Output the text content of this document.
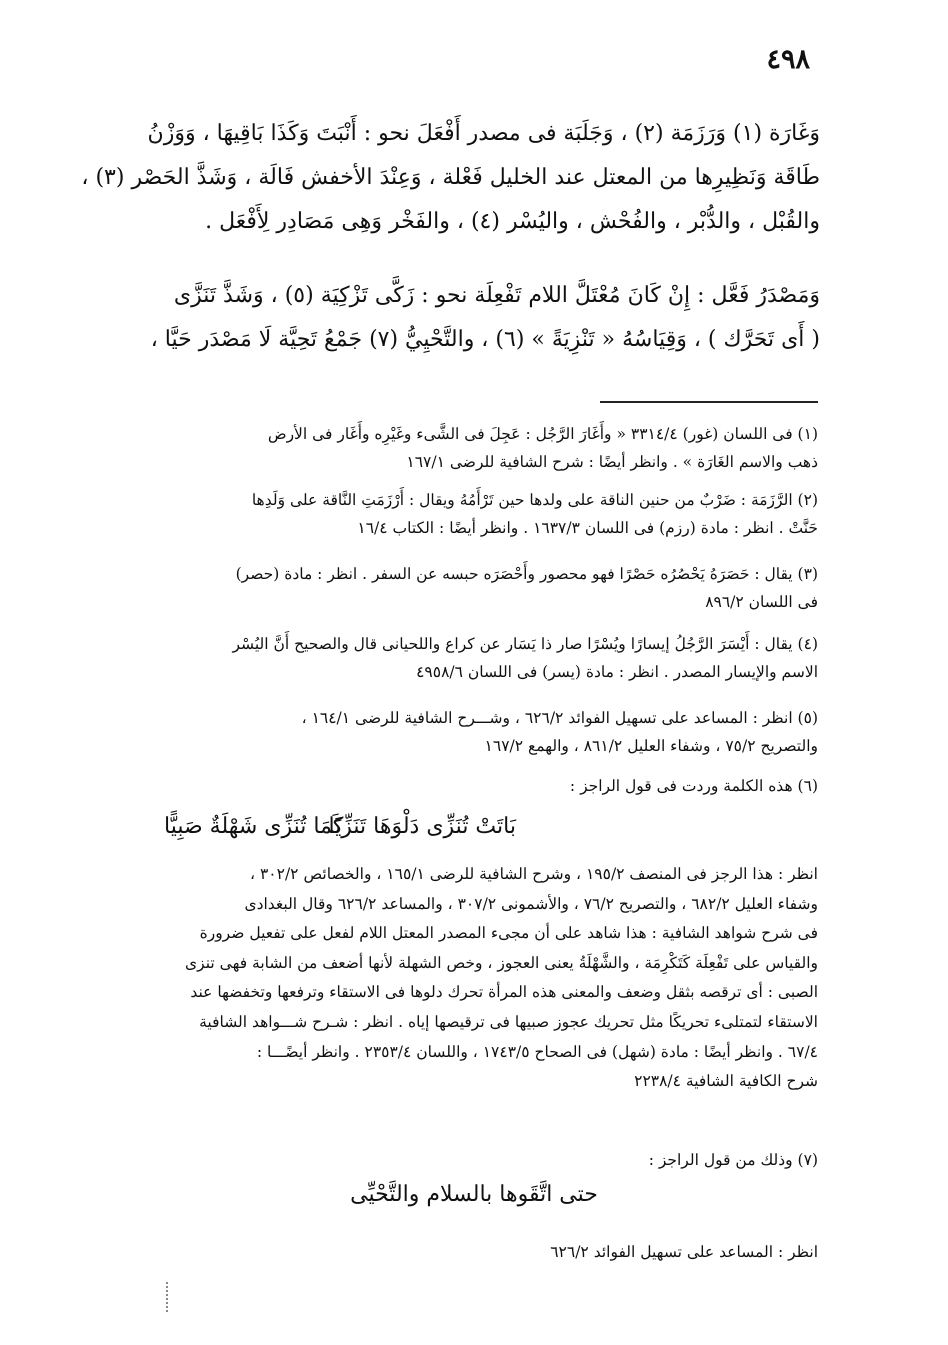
٤٩٨
وَغَارَة (١) وَرَزَمَة (٢) ، وَجَلَبَة فى مصدر أَفْعَلَ نحو : أَنْبَتَ وَكَذَا بَاقِيهَا ، وَوَزْنُ
طَاقَة وَنَظِيرِها من المعتل عند الخليل فَعْلة ، وَعِنْدَ الأخفش فَالَة ، وَشَذَّ الحَصْر (٣) ،
والقُبْل ، والدُّبْر ، والفُحْش ، واليُسْر (٤) ، والفَخْر وَهِى مَصَادِر لِأَفْعَل .
وَمَصْدَرُ فَعَّل : إِنْ كَانَ مُعْتَلَّ اللام تَفْعِلَة نحو : زَكَّى تَزْكِيَة (٥) ، وَشَذَّ تَنَزَّى
( أَى تَحَرَّك ) ، وَقِيَاسُهُ « تَنْزِيَةً » (٦) ، والتَّحْيِيُّ (٧) جَمْعُ تَحِيَّة لَا مَصْدَر حَيَّا ،
(١) فى اللسان (غور) ٣٣١٤/٤ « وأَغَارَ الرَّجُل : عَجِلَ فى الشَّىء وغَيْرِه وأَغَار فى الأرض
ذهب والاسم الغَارَة » . وانظر أيضًا : شرح الشافية للرضى ١٦٧/١
(٢) الرَّزَمَة : ضَرْبٌ من حنين الناقة على ولدها حين تَرْأَمُهُ ويقال : أَرْزَمَتِ النَّاقة على وَلَدِها
حَنَّتْ . انظر : مادة (رزم) فى اللسان ١٦٣٧/٣ . وانظر أيضًا : الكتاب ١٦/٤
(٣) يقال : حَصَرَهُ يَحْصُرُه حَصْرًا فهو محصور وأَحْصَرَه حبسه عن السفر . انظر : مادة (حصر)
فى اللسان ٨٩٦/٢
(٤) يقال : أَيْسَرَ الرَّجُلُ إيسارًا ويُسْرًا صار ذا يَسَار عن كراع واللحيانى قال والصحيح أَنَّ اليُسْر
الاسم والإيسار المصدر . انظر : مادة (يسر) فى اللسان ٤٩٥٨/٦
(٥) انظر : المساعد على تسهيل الفوائد ٦٢٦/٢ ، وشـــرح الشافية للرضى ١٦٤/١ ،
والتصريح ٧٥/٢ ، وشفاء العليل ٨٦١/٢ ، والهمع ١٦٧/٢
(٦) هذه الكلمة وردت فى قول الراجز :
بَاتَتْ تُنَزِّى دَلْوَهَا تَنَزِّيًا
كَمَا تُنَزِّى شَهْلَةٌ صَبِيًّا
انظر : هذا الرجز فى المنصف ١٩٥/٢ ، وشرح الشافية للرضى ١٦٥/١ ، والخصائص ٣٠٢/٢ ،
وشفاء العليل ٦٨٢/٢ ، والتصريح ٧٦/٢ ، والأشمونى ٣٠٧/٢ ، والمساعد ٦٢٦/٢ وقال البغدادى
فى شرح شواهد الشافية : هذا شاهد على أن مجىء المصدر المعتل اللام لفعل على تفعيل ضرورة
والقياس على تَفْعِلَة كَتَكْرِمَة ، والشَّهْلَةُ يعنى العجوز ، وخص الشهلة لأنها أضعف من الشابة فهى تنزى
الصبى : أى ترقصه بثقل وضعف والمعنى هذه المرأة تحرك دلوها فى الاستقاء وترفعها وتخفضها عند
الاستقاء لتمتلىء تحريكًا مثل تحريك عجوز صبيها فى ترقيصها إياه . انظر : شـرح شـــواهد الشافية
٦٧/٤ . وانظر أيضًا : مادة (شهل) فى الصحاح ١٧٤٣/٥ ، واللسان ٢٣٥٣/٤ . وانظر أيضًـــا :
شرح الكافية الشافية ٢٢٣٨/٤
(٧) وذلك من قول الراجز :
حتى اتَّقَوها بالسلام والتَّحْيِّى
انظر : المساعد على تسهيل الفوائد ٦٢٦/٢
